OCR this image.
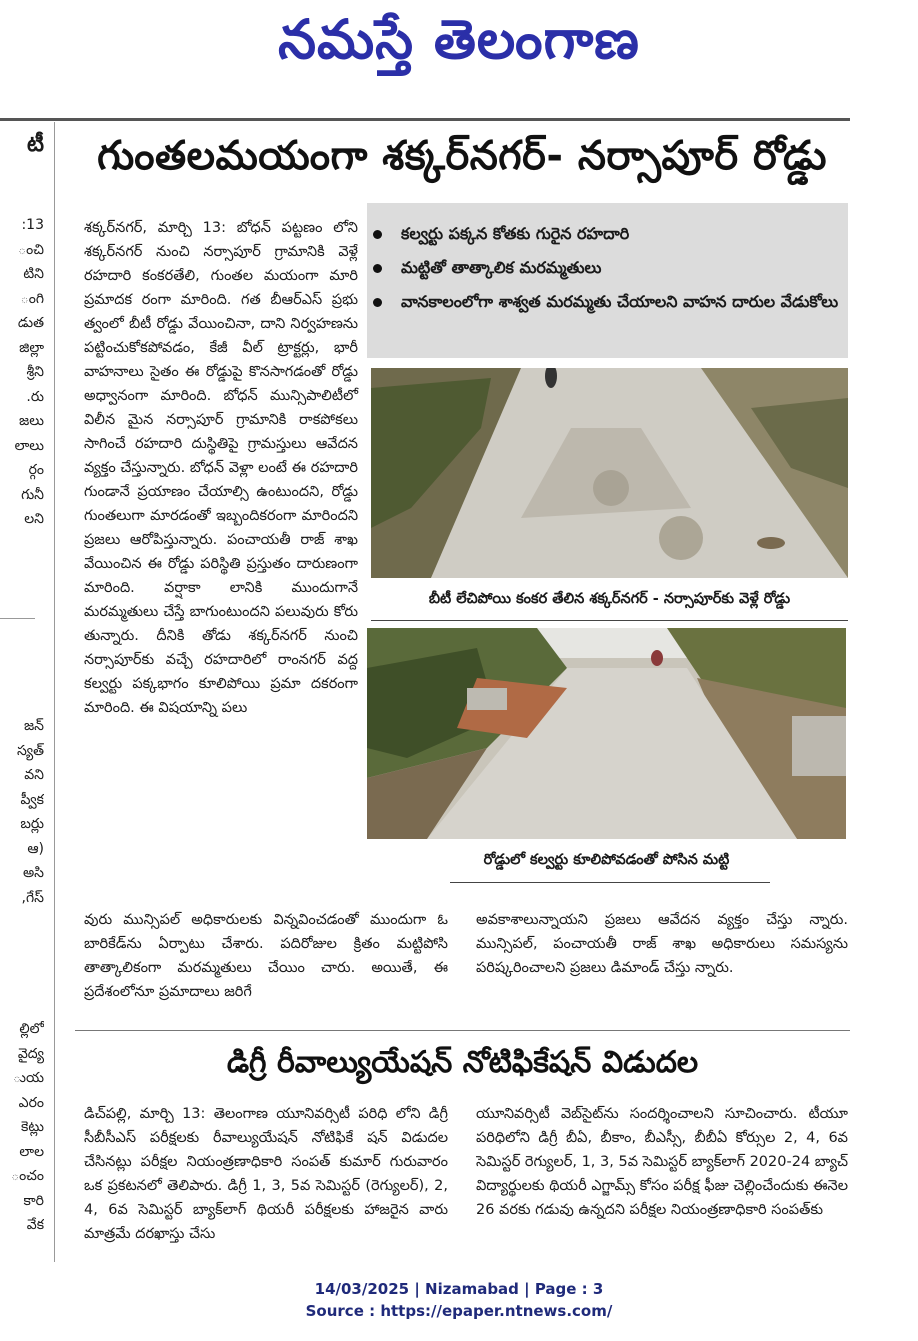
నమస్తే తెలంగాణ
టీ
13:
ంచి
టిని
ంగి
డుత
జిల్లా
శ్రీని
రు.
జలు
లాలు
ర్గం
గునీ
లని
జన్
స్యత్
వని
ప్వీక
బర్లు
(ఆ
అసి
గేస్,
ల్లిలో
వైద్య
ుయ
ఎరం
కెట్లు
లాల
ంచం
కారి
వేక
గుంతలమయంగా శక్కర్‌నగర్‌- నర్సాపూర్‌ రోడ్డు

శక్కర్‌నగర్‌, మార్చి 13: బోధన్‌ పట్టణం లోని శక్కర్‌నగర్‌ నుంచి నర్సాపూర్‌ గ్రామానికి వెళ్లే రహదారి కంకరతేలి, గుంతల మయంగా మారి ప్రమాదక రంగా మారింది. గత బీఆర్‌ఎస్‌ ప్రభు త్వంలో బీటీ రోడ్డు వేయించినా, దాని నిర్వహణను పట్టించుకోకపోవడం, కేజీ వీల్‌ ట్రాక్టర్లు, భారీ వాహనాలు సైతం ఈ రోడ్డుపై కొనసాగడంతో రోడ్డు అధ్వానంగా మారింది. బోధన్‌ మున్సిపాలిటీలో విలీన మైన నర్సాపూర్‌ గ్రామానికి రాకపోకలు సాగించే రహదారి దుస్థితిపై గ్రామస్తులు ఆవేదన వ్యక్తం చేస్తున్నారు. బోధన్‌ వెళ్లా లంటే ఈ రహదారి గుండానే ప్రయాణం చేయాల్సి ఉంటుందని, రోడ్డు గుంతలుగా మారడంతో ఇబ్బందికరంగా మారిందని ప్రజలు ఆరోపిస్తున్నారు. పంచాయతీ రాజ్‌ శాఖ వేయించిన ఈ రోడ్డు పరిస్థితి ప్రస్తుతం దారుణంగా మారింది. వర్షాకా లానికి ముందుగానే మరమ్మతులు చేస్తే బాగుంటుందని పలువురు కోరు తున్నారు. దీనికి తోడు శక్కర్‌నగర్‌ నుంచి నర్సాపూర్‌కు వచ్చే రహదారిలో రాంనగర్‌ వద్ద కల్వర్టు పక్కభాగం కూలిపోయి ప్రమా దకరంగా మారింది. ఈ విషయాన్ని పలు

కల్వర్టు పక్కన కోతకు గురైన రహదారి
మట్టితో తాత్కాలిక మరమ్మతులు
వానకాలంలోగా శాశ్వత మరమ్మతు చేయాలని వాహన దారుల వేడుకోలు
బీటీ లేచిపోయి కంకర తేలిన శక్కర్‌నగర్‌ - నర్సాపూర్‌కు వెళ్లే రోడ్డు
రోడ్డులో కల్వర్టు కూలిపోవడంతో పోసిన మట్టి

వురు మున్సిపల్‌ అధికారులకు విన్నవించడంతో ముందుగా ఓ బారికేడ్‌ను ఏర్పాటు చేశారు. పదిరోజుల క్రితం మట్టిపోసి తాత్కాలికంగా మరమ్మతులు చేయిం చారు. అయితే, ఈ ప్రదేశంలోనూ ప్రమాదాలు జరిగే

అవకాశాలున్నాయని ప్రజలు ఆవేదన వ్యక్తం చేస్తు న్నారు. మున్సిపల్‌, పంచాయతీ రాజ్‌ శాఖ అధికారులు సమస్యను పరిష్కరించాలని ప్రజలు డిమాండ్‌ చేస్తు న్నారు.

డిగ్రీ రీవాల్యుయేషన్‌ నోటిఫికేషన్‌ విడుదల

డిచ్‌పల్లి, మార్చి 13: తెలంగాణ యూనివర్సిటీ పరిధి లోని డిగ్రీ సీబీసీఎస్‌ పరీక్షలకు రీవాల్యుయేషన్‌ నోటిఫికే షన్‌ విడుదల చేసినట్లు పరీక్షల నియంత్రణాధికారి సంపత్‌ కుమార్‌ గురువారం ఒక ప్రకటనలో తెలిపారు. డిగ్రీ 1, 3, 5వ సెమిస్టర్‌ (రెగ్యులర్‌), 2, 4, 6వ సెమిస్టర్‌ బ్యాక్‌లాగ్‌ థియరీ పరీక్షలకు హాజరైన వారు మాత్రమే దరఖాస్తు చేసు

యూనివర్సిటీ వెబ్‌సైట్‌ను సందర్శించాలని సూచించారు. టీయూ పరిధిలోని డిగ్రీ బీఏ, బీకాం, బీఎస్సీ, బీబీఏ కోర్సుల 2, 4, 6వ సెమిస్టర్‌ రెగ్యులర్‌, 1, 3, 5వ సెమిస్టర్‌ బ్యాక్‌లాగ్‌ 2020-24 బ్యాచ్‌ విద్యార్థులకు థియరీ ఎగ్జామ్స్‌ కోసం పరీక్ష ఫీజు చెల్లించేందుకు ఈనెల 26 వరకు గడువు ఉన్నదని పరీక్షల నియంత్రణాధికారి సంపత్‌కు

14/03/2025 | Nizamabad | Page : 3
Source : https://epaper.ntnews.com/
